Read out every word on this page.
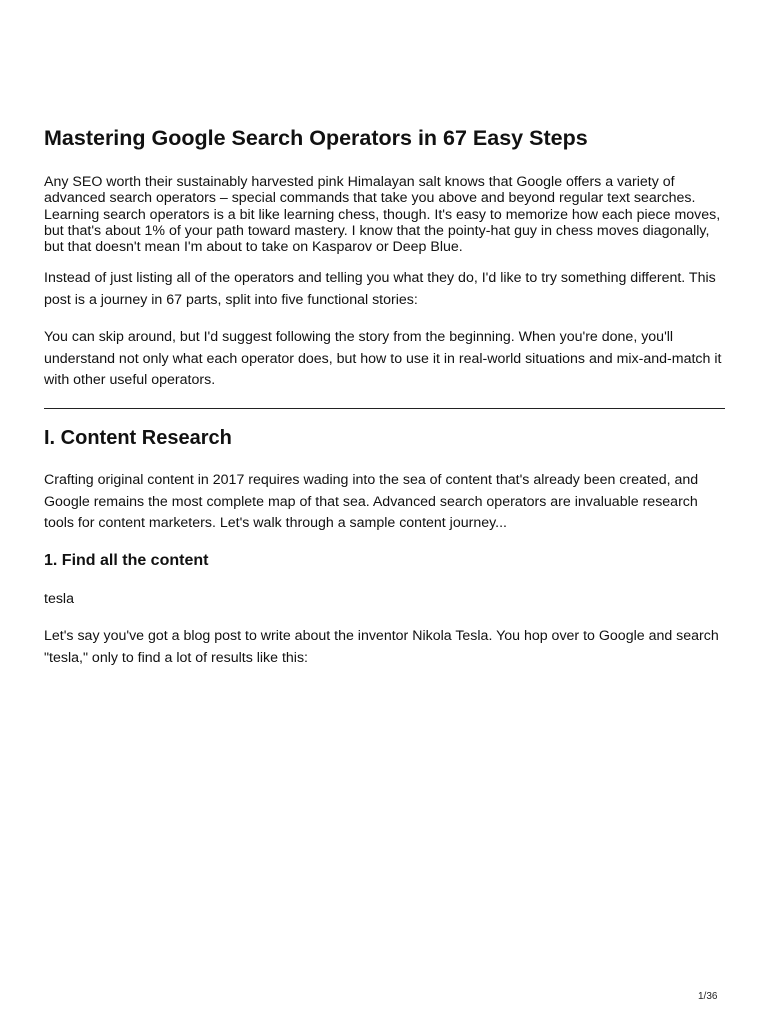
Mastering Google Search Operators in 67 Easy Steps

Any SEO worth their sustainably harvested pink Himalayan salt knows that Google offers a variety of advanced search operators – special commands that take you above and beyond regular text searches. Learning search operators is a bit like learning chess, though. It's easy to memorize how each piece moves, but that's about 1% of your path toward mastery. I know that the pointy-hat guy in chess moves diagonally, but that doesn't mean I'm about to take on Kasparov or Deep Blue.

Instead of just listing all of the operators and telling you what they do, I'd like to try something different. This post is a journey in 67 parts, split into five functional stories:

You can skip around, but I'd suggest following the story from the beginning. When you're done, you'll understand not only what each operator does, but how to use it in real-world situations and mix-and-match it with other useful operators.

I. Content Research

Crafting original content in 2017 requires wading into the sea of content that's already been created, and Google remains the most complete map of that sea. Advanced search operators are invaluable research tools for content marketers. Let's walk through a sample content journey...

1. Find all the content

tesla

Let's say you've got a blog post to write about the inventor Nikola Tesla. You hop over to Google and search "tesla," only to find a lot of results like this:

1/36
